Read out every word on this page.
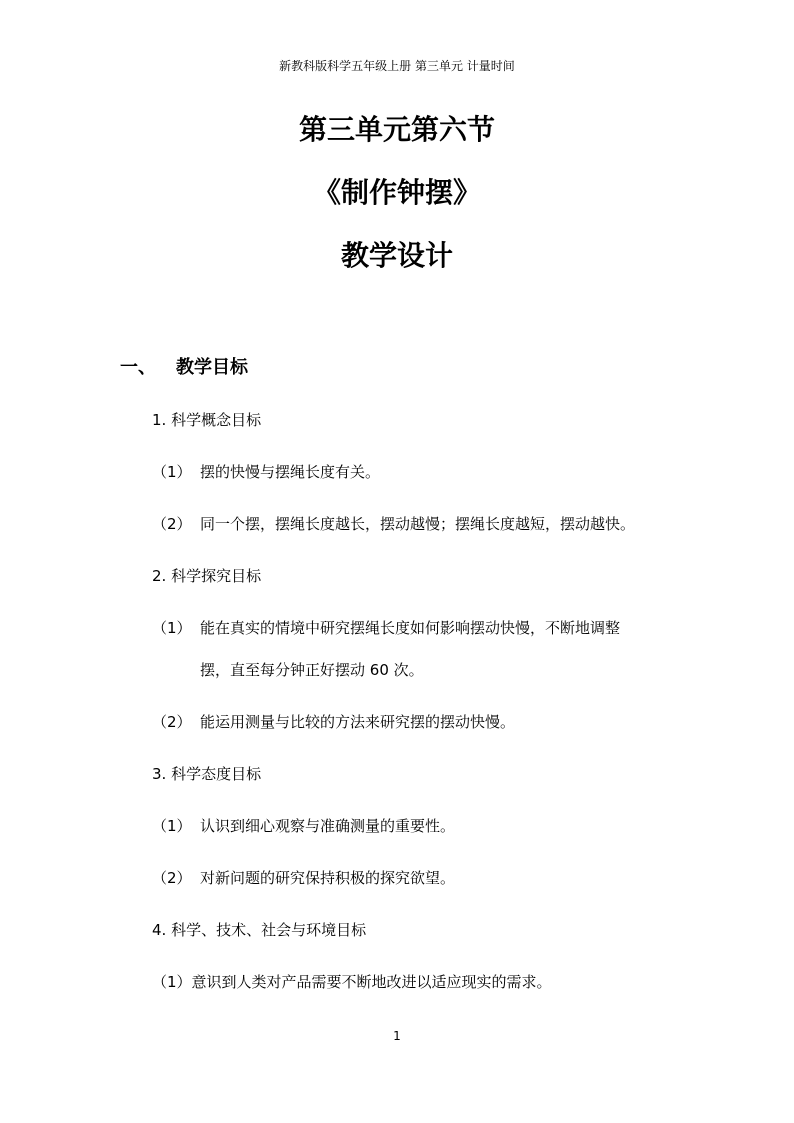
新教科版科学五年级上册 第三单元 计量时间
第三单元第六节
《制作钟摆》
教学设计
一、 教学目标
1. 科学概念目标
（1） 摆的快慢与摆绳长度有关。
（2） 同一个摆，摆绳长度越长，摆动越慢；摆绳长度越短，摆动越快。
2. 科学探究目标
（1） 能在真实的情境中研究摆绳长度如何影响摆动快慢，不断地调整
摆，直至每分钟正好摆动 60 次。
（2） 能运用测量与比较的方法来研究摆的摆动快慢。
3. 科学态度目标
（1） 认识到细心观察与准确测量的重要性。
（2） 对新问题的研究保持积极的探究欲望。
4. 科学、技术、社会与环境目标
（1）意识到人类对产品需要不断地改进以适应现实的需求。
1
